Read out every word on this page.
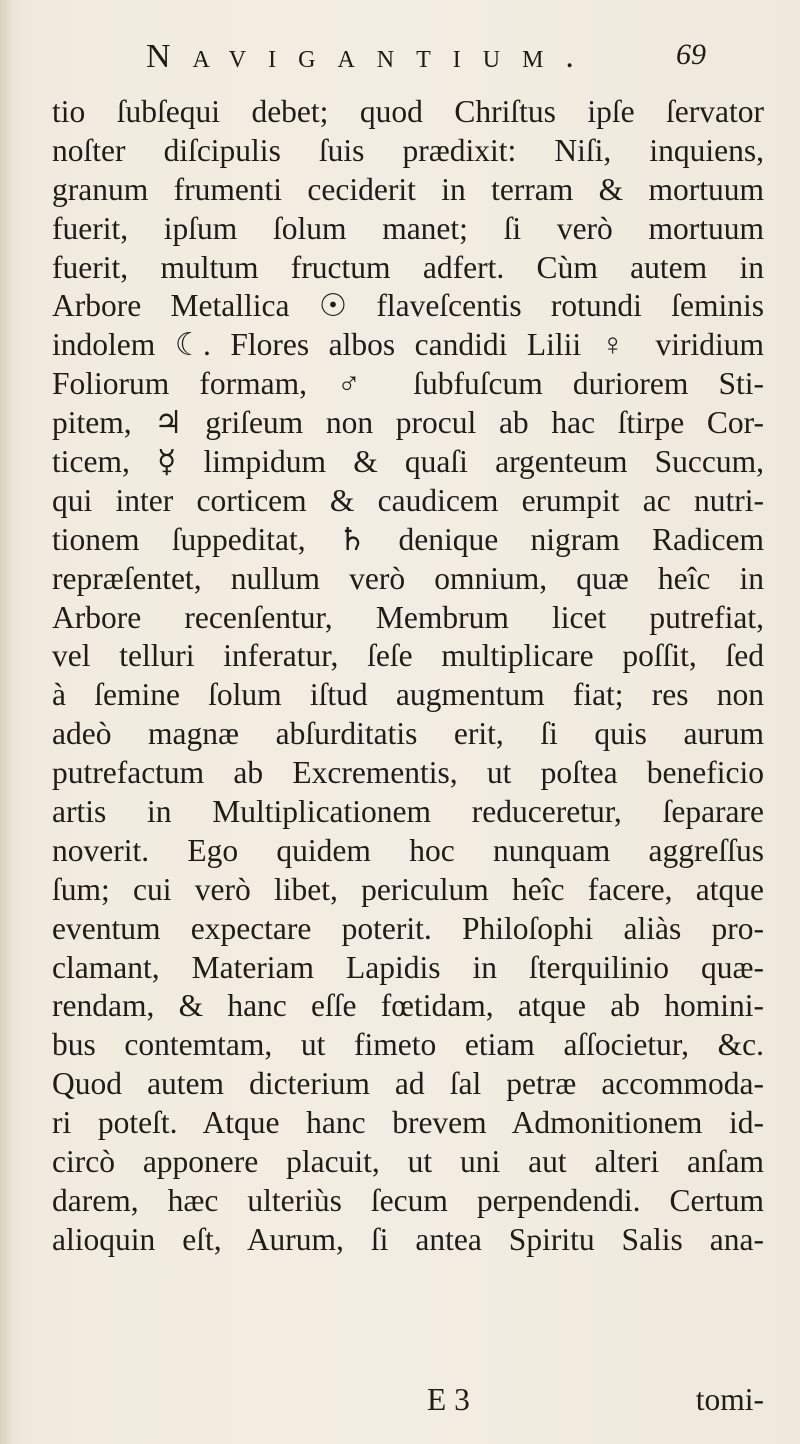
Navigantium.	69
tio ſubſequi debet; quod Chriſtus ipſe ſervator
noſter diſcipulis ſuis prædixit: Niſi, inquiens,
granum frumenti ceciderit in terram & mortuum
fuerit, ipſum ſolum manet; ſi verò mortuum
fuerit, multum fructum adfert. Cùm autem in
Arbore Metallica ☉ flaveſcentis rotundi ſeminis
indolem ☾. Flores albos candidi Lilii ♀ viridium
Foliorum formam, ♂ ſubfuſcum duriorem Sti-
pitem, ♃ griſeum non procul ab hac ſtirpe Cor-
ticem, ☿ limpidum & quaſi argenteum Succum,
qui inter corticem & caudicem erumpit ac nutri-
tionem ſuppeditat, ♄ denique nigram Radicem
repræſentet, nullum verò omnium, quæ heîc in
Arbore recenſentur, Membrum licet putrefiat,
vel telluri inferatur, ſeſe multiplicare poſſit, ſed
à ſemine ſolum iſtud augmentum fiat; res non
adeò magnæ abſurditatis erit, ſi quis aurum
putrefactum ab Excrementis, ut poſtea beneficio
artis in Multiplicationem reduceretur, ſeparare
noverit. Ego quidem hoc nunquam aggreſſus
ſum; cui verò libet, periculum heîc facere, atque
eventum expectare poterit. Philoſophi aliàs pro-
clamant, Materiam Lapidis in ſterquilinio quæ-
rendam, & hanc eſſe fœtidam, atque ab homini-
bus contemtam, ut fimeto etiam aſſocietur, &c.
Quod autem dicterium ad ſal petræ accommoda-
ri poteſt. Atque hanc brevem Admonitionem id-
circò apponere placuit, ut uni aut alteri anſam
darem, hæc ulteriùs ſecum perpendendi. Certum
alioquin eſt, Aurum, ſi antea Spiritu Salis ana-
E 3	tomi-
